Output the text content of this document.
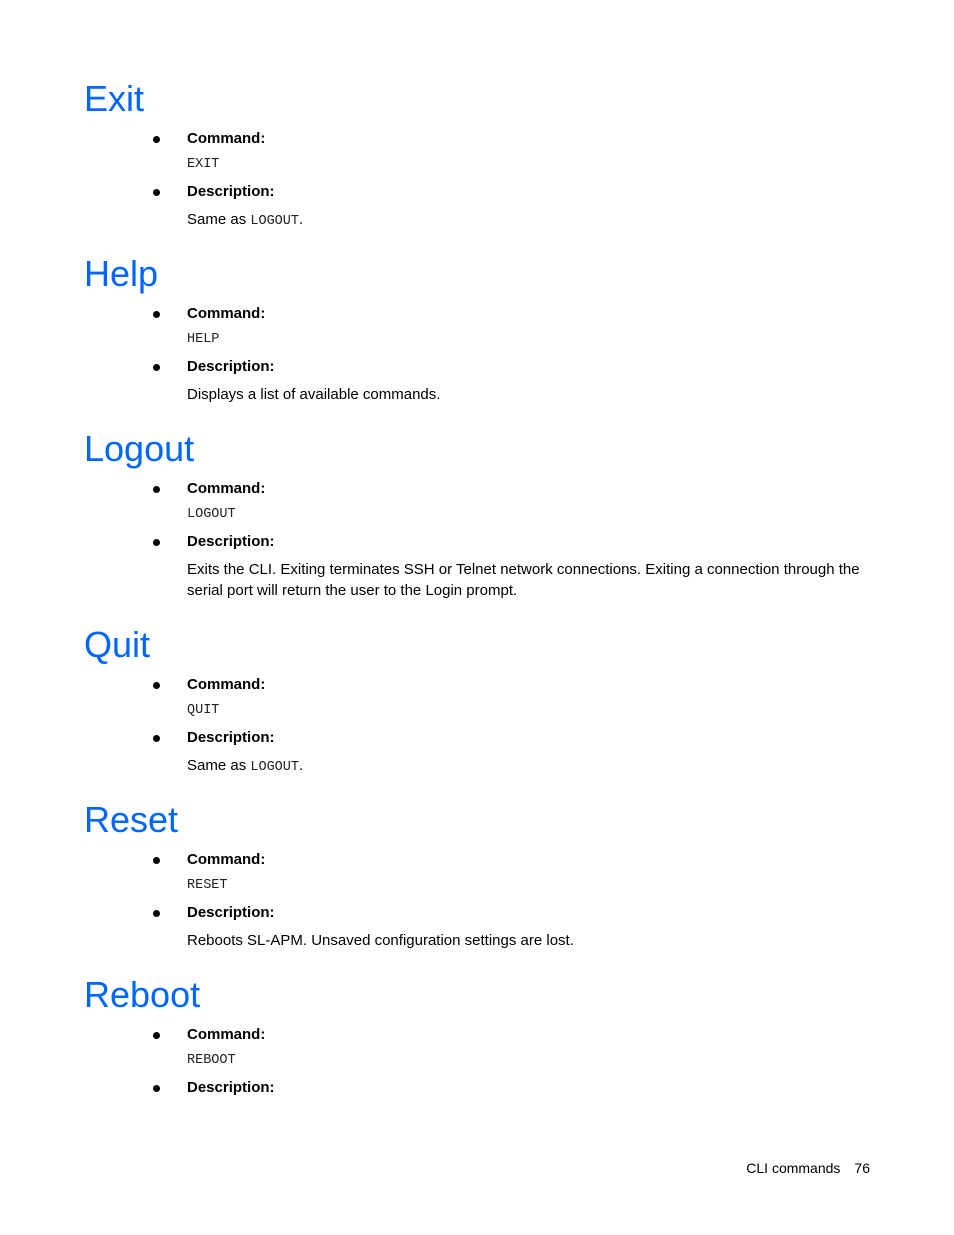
Exit
Command:
EXIT
Description:
Same as LOGOUT.
Help
Command:
HELP
Description:
Displays a list of available commands.
Logout
Command:
LOGOUT
Description:
Exits the CLI. Exiting terminates SSH or Telnet network connections. Exiting a connection through the serial port will return the user to the Login prompt.
Quit
Command:
QUIT
Description:
Same as LOGOUT.
Reset
Command:
RESET
Description:
Reboots SL-APM. Unsaved configuration settings are lost.
Reboot
Command:
REBOOT
Description:
CLI commands 76
